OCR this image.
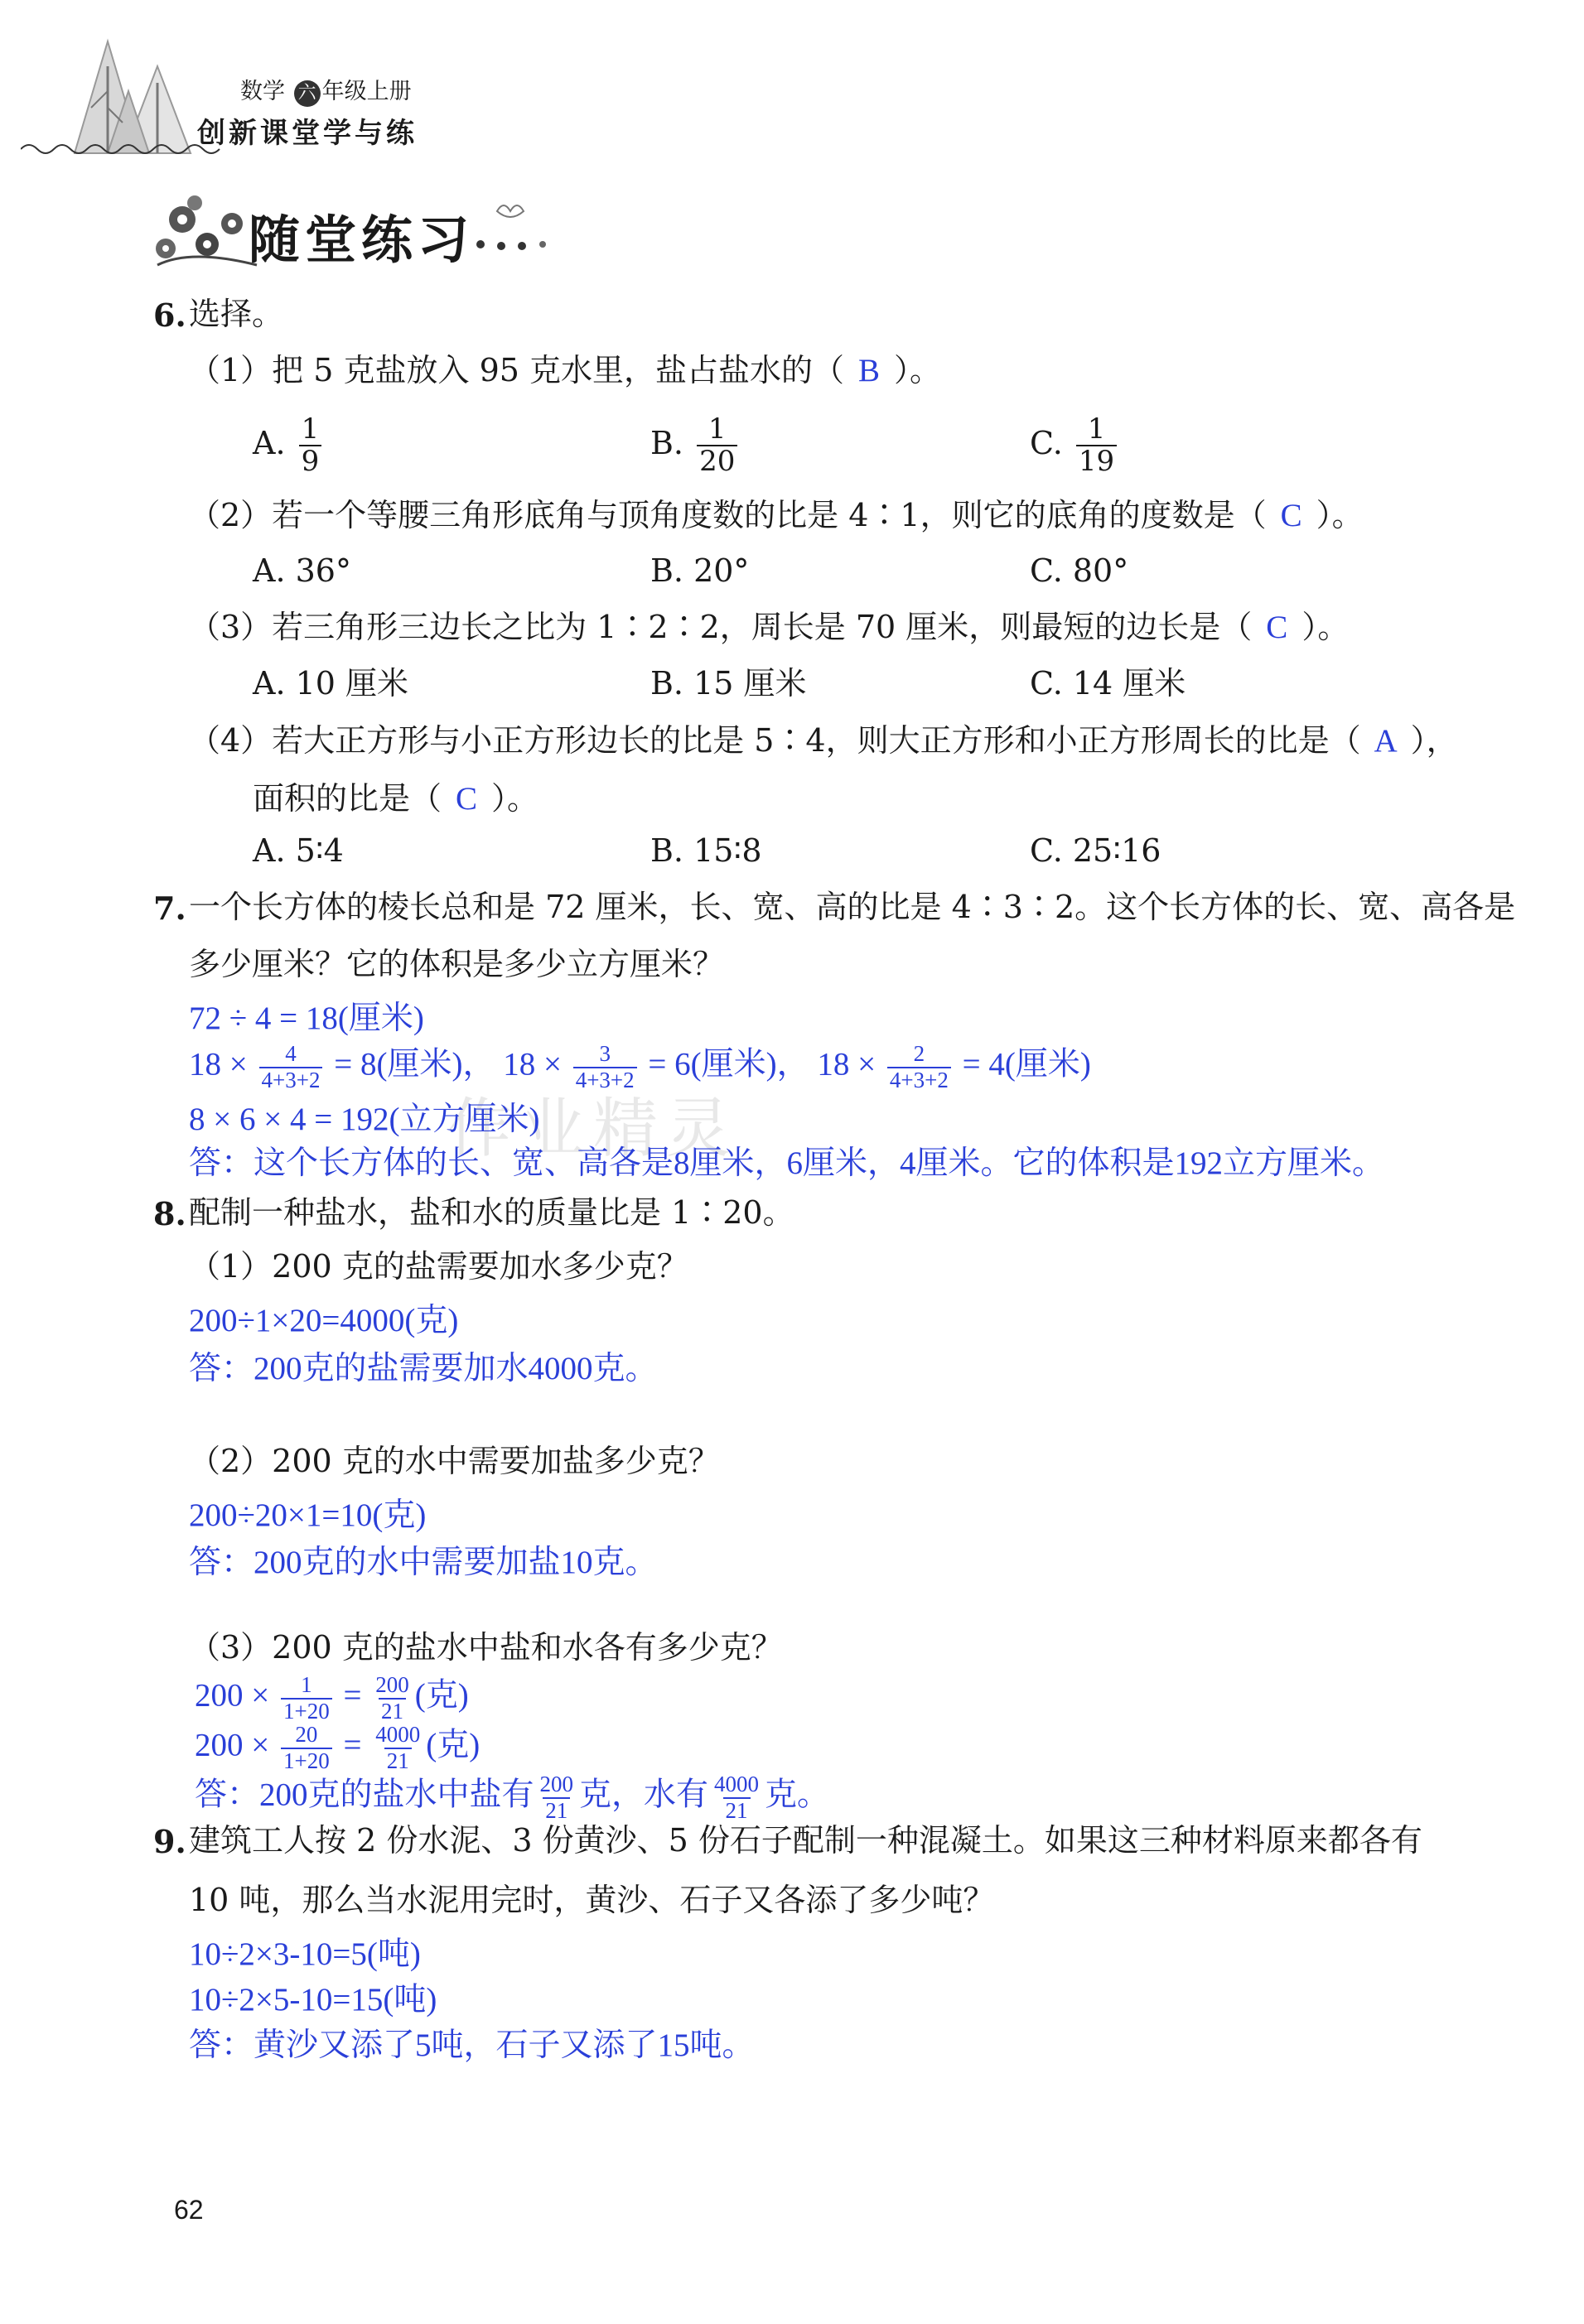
数学 六 年级上册
创新课堂学与练
随堂练习
作业精灵
6. 选择。
（1）把 5 克盐放入 95 克水里，盐占盐水的（ B ）。
A. $\frac{1}{9}$	B. $\frac{1}{20}$	C. $\frac{1}{19}$
（2）若一个等腰三角形底角与顶角度数的比是 4∶1，则它的底角的度数是（ C ）。
A. 36°	B. 20°	C. 80°
（3）若三角形三边长之比为 1∶2∶2，周长是 70 厘米，则最短的边长是（ C ）。
A. 10 厘米	B. 15 厘米	C. 14 厘米
（4）若大正方形与小正方形边长的比是 5∶4，则大正方形和小正方形周长的比是（ A ），
面积的比是（ C ）。
A. 5∶4	B. 15∶8	C. 25∶16
7. 一个长方体的棱长总和是 72 厘米，长、宽、高的比是 4∶3∶2。这个长方体的长、宽、高各是
多少厘米？它的体积是多少立方厘米？
72 ÷ 4 = 18(厘米)
$18 \times \frac{4}{4+3+2} = 8$(厘米)， $18 \times \frac{3}{4+3+2} = 6$(厘米)， $18 \times \frac{2}{4+3+2} = 4$(厘米)
8 × 6 × 4 = 192(立方厘米)
答：这个长方体的长、宽、高各是8厘米，6厘米，4厘米。它的体积是192立方厘米。
8. 配制一种盐水，盐和水的质量比是 1∶20。
（1）200 克的盐需要加水多少克？
200÷1×20=4000(克)
答：200克的盐需要加水4000克。
（2）200 克的水中需要加盐多少克？
200÷20×1=10(克)
答：200克的水中需要加盐10克。
（3）200 克的盐水中盐和水各有多少克？
$200 \times \frac{1}{1+20} = \frac{200}{21}$ (克)
$200 \times \frac{20}{1+20} = \frac{4000}{21}$ (克)
答：200克的盐水中盐有 $\frac{200}{21}$ 克，水有 $\frac{4000}{21}$ 克。
9. 建筑工人按 2 份水泥、3 份黄沙、5 份石子配制一种混凝土。如果这三种材料原来都各有
10 吨，那么当水泥用完时，黄沙、石子又各添了多少吨？
10÷2×3-10=5(吨)
10÷2×5-10=15(吨)
答：黄沙又添了5吨，石子又添了15吨。
62
